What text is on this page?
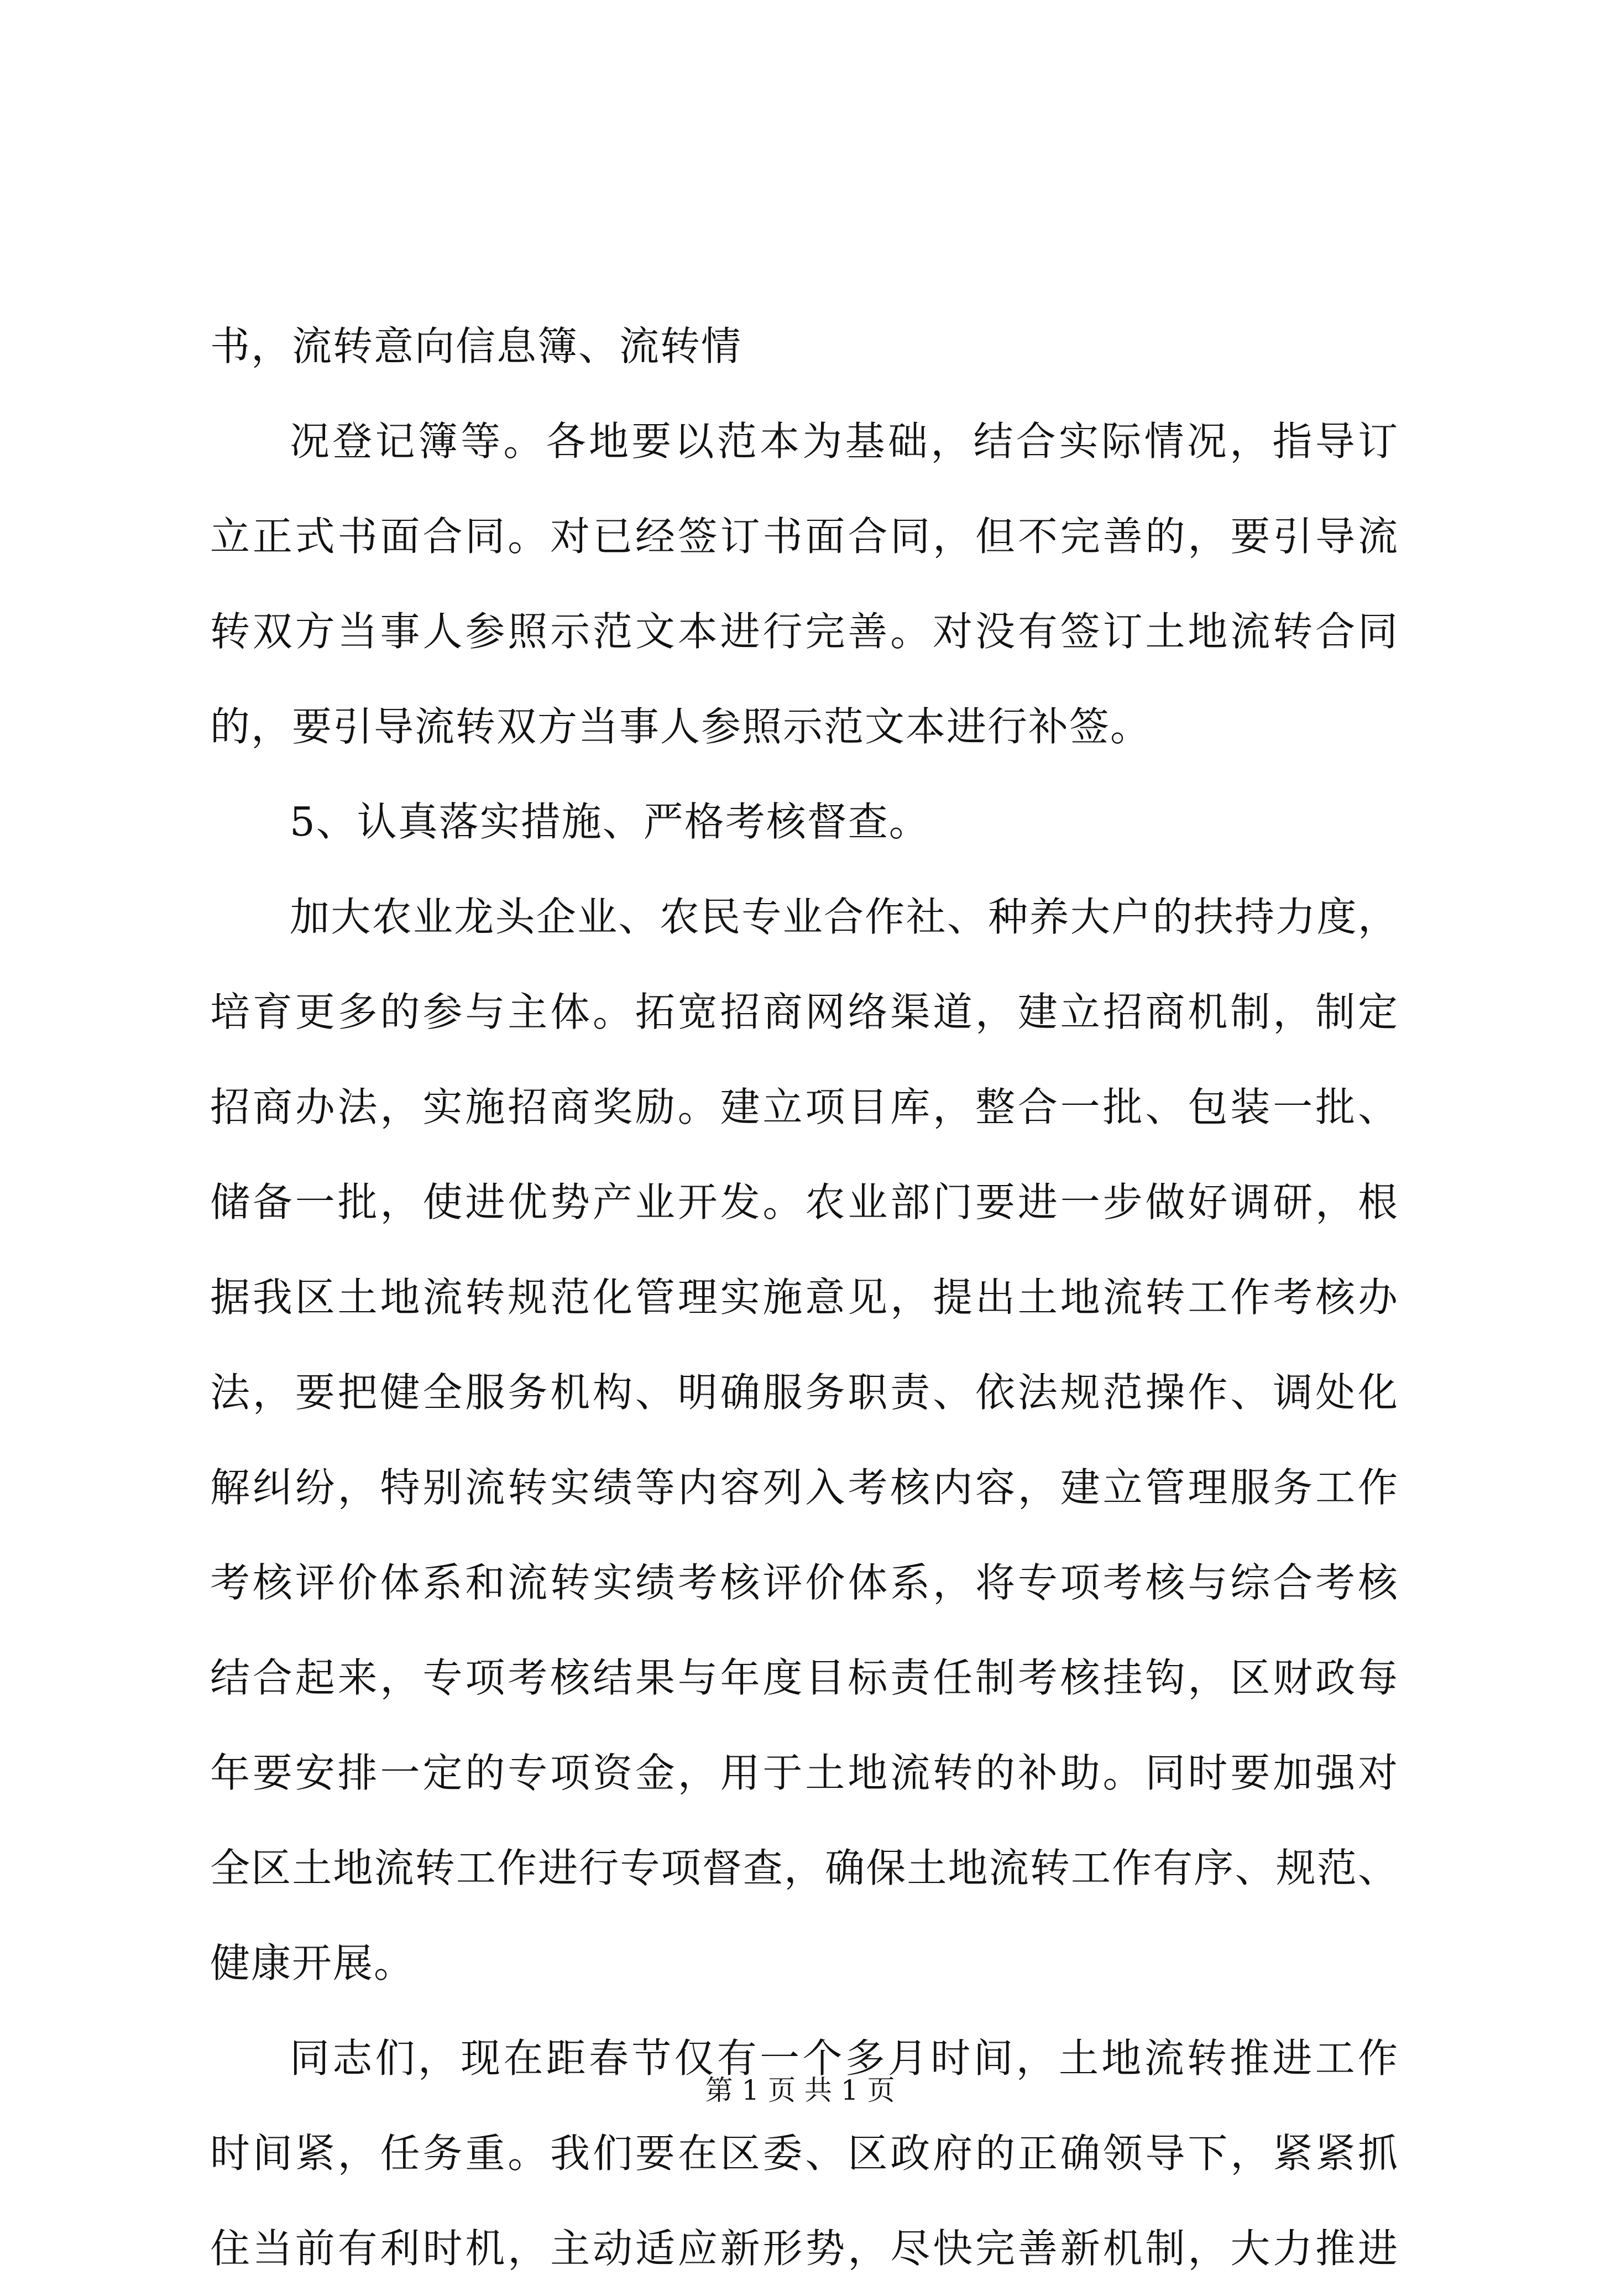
书，流转意向信息簿、流转情
况登记簿等。各地要以范本为基础，结合实际情况，指导订
立正式书面合同。对已经签订书面合同，但不完善的，要引导流
转双方当事人参照示范文本进行完善。对没有签订土地流转合同
的，要引导流转双方当事人参照示范文本进行补签。
5、认真落实措施、严格考核督查。
加大农业龙头企业、农民专业合作社、种养大户的扶持力度，
培育更多的参与主体。拓宽招商网络渠道，建立招商机制，制定
招商办法，实施招商奖励。建立项目库，整合一批、包装一批、
储备一批，使进优势产业开发。农业部门要进一步做好调研，根
据我区土地流转规范化管理实施意见，提出土地流转工作考核办
法，要把健全服务机构、明确服务职责、依法规范操作、调处化
解纠纷，特别流转实绩等内容列入考核内容，建立管理服务工作
考核评价体系和流转实绩考核评价体系，将专项考核与综合考核
结合起来，专项考核结果与年度目标责任制考核挂钩，区财政每
年要安排一定的专项资金，用于土地流转的补助。同时要加强对
全区土地流转工作进行专项督查，确保土地流转工作有序、规范、
健康开展。
同志们，现在距春节仅有一个多月时间，土地流转推进工作
时间紧，任务重。我们要在区委、区政府的正确领导下，紧紧抓
住当前有利时机，主动适应新形势，尽快完善新机制，大力推进
第 1 页 共 1 页
